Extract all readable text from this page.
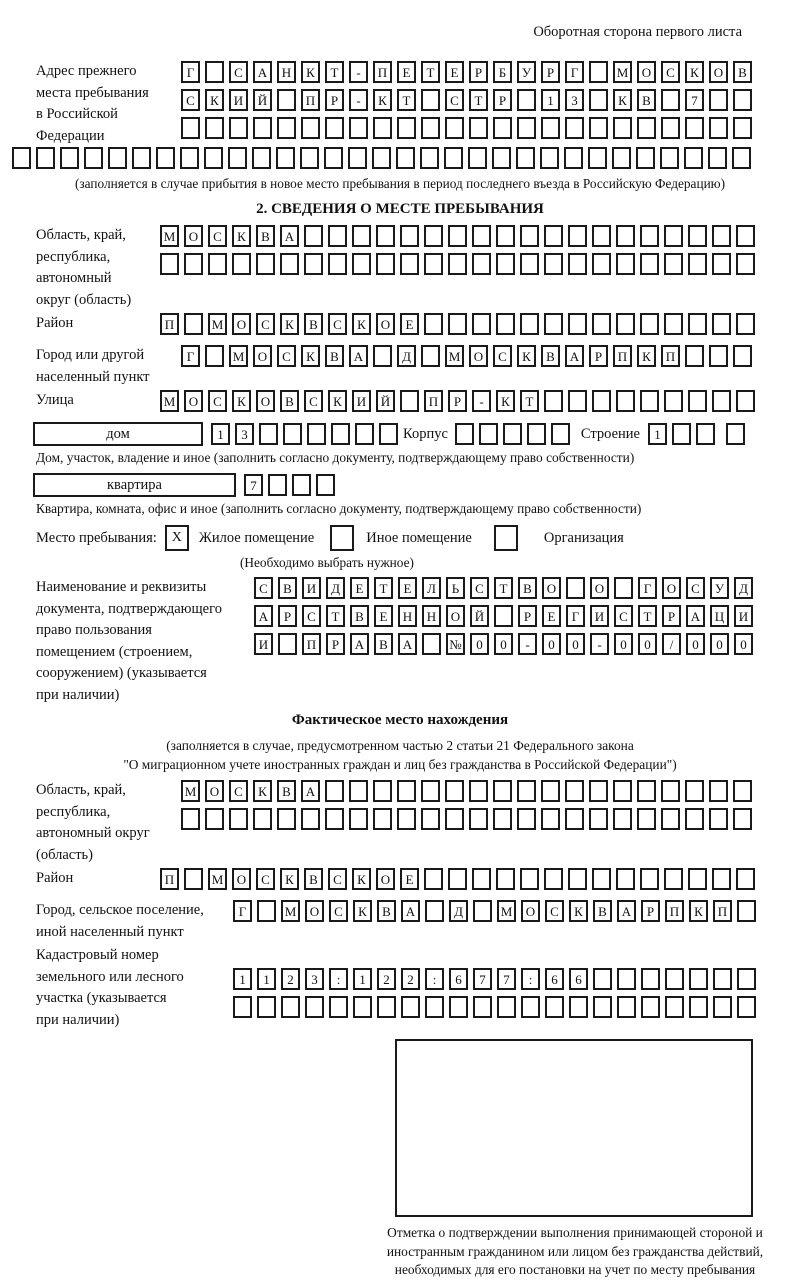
Оборотная сторона первого листа
Адрес прежнего
места пребывания
в Российской
Федерации
Г	С	А	Н	К	Т	-	П	Е	Т	Е	Р	Б	У	Р	Г	М	О	С	К	О	В
С	К	И	Й	П	Р	-	К	Т	С	Т	Р	1	3	К	В	7
(заполняется в случае прибытия в новое место пребывания в период последнего въезда в Российскую Федерацию)
2. СВЕДЕНИЯ О МЕСТЕ ПРЕБЫВАНИЯ
Область, край,
республика,
автономный
округ (область)
М	О	С	К	В	А
Район	П	М	О	С	К	В	С	К	О	Е
Город или другой
населенный пункт
Г	М	О	С	К	В	А	Д	М	О	С	К	В	А	Р	П	К	П
Улица	М	О	С	К	О	В	С	К	И	Й	П	Р	-	К	Т
дом	1	3	Корпус	Строение	1
Дом, участок, владение и иное (заполнить согласно документу, подтверждающему право собственности)
квартира	7
Квартира, комната, офис и иное (заполнить согласно документу, подтверждающему право собственности)
Место пребывания:	X	Жилое помещение	Иное помещение	Организация
(Необходимо выбрать нужное)
Наименование и реквизиты
документа, подтверждающего
право пользования
помещением (строением,
сооружением) (указывается
при наличии)
С	В	И	Д	Е	Т	Е	Л	Ь	С	Т	В	О	О	Г	О	С	У	Д
А	Р	С	Т	В	Е	Н	Н	О	Й	Р	Е	Г	И	С	Т	Р	А	Ц	И
И	П	Р	А	В	А	№	0	0	-	0	0	-	0	0	/	0	0	0
Фактическое место нахождения
(заполняется в случае, предусмотренном частью 2 статьи 21 Федерального закона
"О миграционном учете иностранных граждан и лиц без гражданства в Российской Федерации")
Область, край,
республика,
автономный округ
(область)
М	О	С	К	В	А
Район	П	М	О	С	К	В	С	К	О	Е
Город, сельское поселение,
иной населенный пункт
Г	М	О	С	К	В	А	Д	М	О	С	К	В	А	Р	П	К	П
Кадастровый номер
земельного или лесного
участка (указывается
при наличии)
1	1	2	3	:	1	2	2	:	6	7	7	:	6	6
Отметка о подтверждении выполнения принимающей стороной и иностранным гражданином или лицом без гражданства действий, необходимых для его постановки на учет по месту пребывания
